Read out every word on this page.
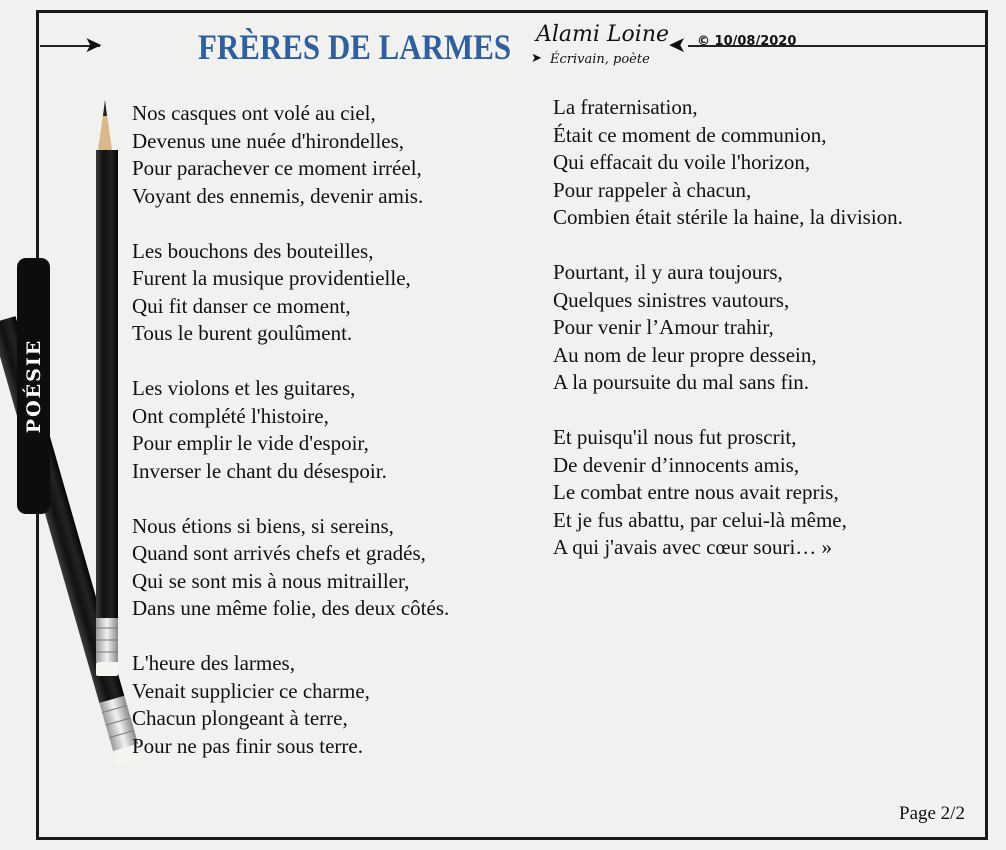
➤	➤
FRÈRES DE LARMES Alami Loine
➤ Écrivain, poète
© 10/08/2020
POÉSIE
Nos casques ont volé au ciel,
Devenus une nuée d'hirondelles,
Pour parachever ce moment irréel,
Voyant des ennemis, devenir amis.
Les bouchons des bouteilles,
Furent la musique providentielle,
Qui fit danser ce moment,
Tous le burent goulûment.
Les violons et les guitares,
Ont complété l'histoire,
Pour emplir le vide d'espoir,
Inverser le chant du désespoir.
Nous étions si biens, si sereins,
Quand sont arrivés chefs et gradés,
Qui se sont mis à nous mitrailler,
Dans une même folie, des deux côtés.
L'heure des larmes,
Venait supplicier ce charme,
Chacun plongeant à terre,
Pour ne pas finir sous terre.
La fraternisation,
Était ce moment de communion,
Qui effacait du voile l'horizon,
Pour rappeler à chacun,
Combien était stérile la haine, la division.
Pourtant, il y aura toujours,
Quelques sinistres vautours,
Pour venir l’Amour trahir,
Au nom de leur propre dessein,
A la poursuite du mal sans fin.
Et puisqu'il nous fut proscrit,
De devenir d’innocents amis,
Le combat entre nous avait repris,
Et je fus abattu, par celui-là même,
A qui j'avais avec cœur souri… »
Page 2/2
